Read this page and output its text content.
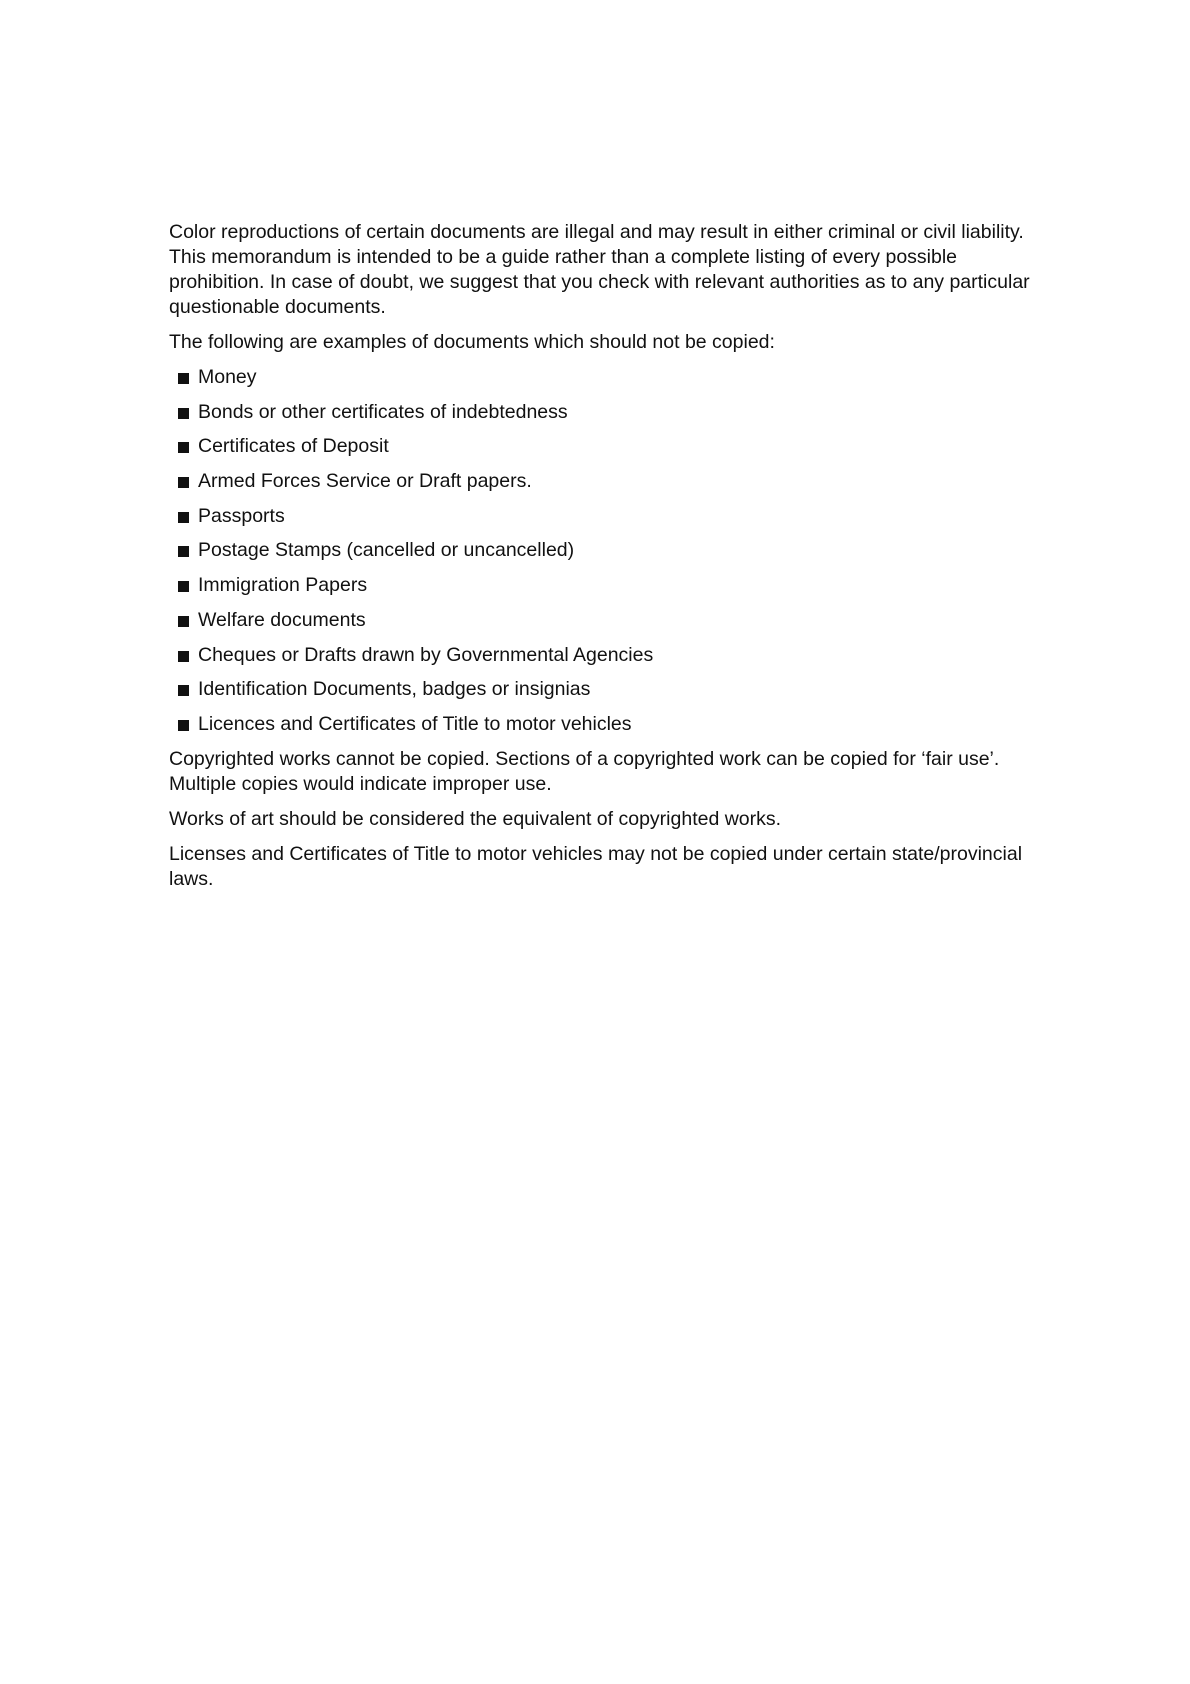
Color reproductions of certain documents are illegal and may result in either criminal or civil liability. This memorandum is intended to be a guide rather than a complete listing of every possible prohibition. In case of doubt, we suggest that you check with relevant authorities as to any particular questionable documents.

The following are examples of documents which should not be copied:

Money
Bonds or other certificates of indebtedness
Certificates of Deposit
Armed Forces Service or Draft papers.
Passports
Postage Stamps (cancelled or uncancelled)
Immigration Papers
Welfare documents
Cheques or Drafts drawn by Governmental Agencies
Identification Documents, badges or insignias
Licences and Certificates of Title to motor vehicles

Copyrighted works cannot be copied. Sections of a copyrighted work can be copied for ‘fair use’. Multiple copies would indicate improper use.

Works of art should be considered the equivalent of copyrighted works.

Licenses and Certificates of Title to motor vehicles may not be copied under certain state/provincial laws.
